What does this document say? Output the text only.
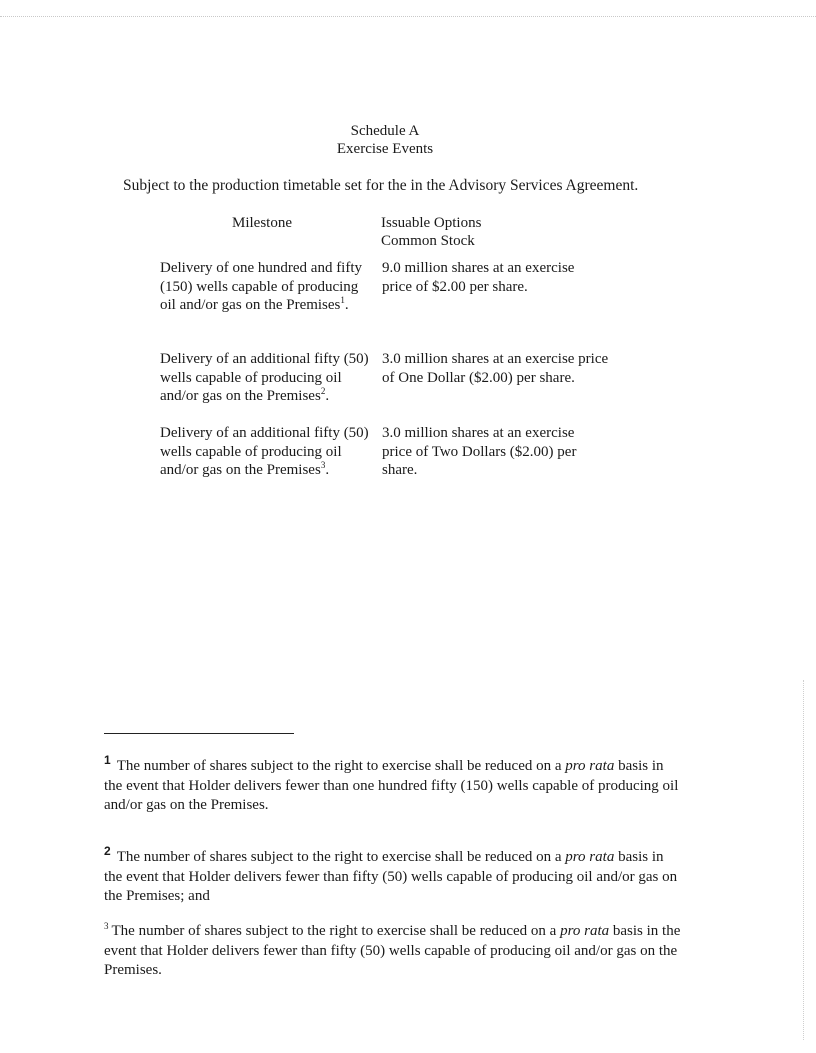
Schedule A
Exercise Events
Subject to the production timetable set for the in the Advisory Services Agreement.
Milestone	Issuable Options
Common Stock
Delivery of one hundred and fifty (150) wells capable of producing oil and/or gas on the Premises$^1$.
9.0 million shares at an exercise price of $2.00 per share.
Delivery of an additional fifty (50) wells capable of producing oil and/or gas on the Premises$^2$.
3.0 million shares at an exercise price of One Dollar ($2.00) per share.
Delivery of an additional fifty (50) wells capable of producing oil and/or gas on the Premises$^3$.
3.0 million shares at an exercise price of Two Dollars ($2.00) per share.
$^1$ The number of shares subject to the right to exercise shall be reduced on a pro rata basis in the event that Holder delivers fewer than one hundred fifty (150) wells capable of producing oil and/or gas on the Premises.
$^2$ The number of shares subject to the right to exercise shall be reduced on a pro rata basis in the event that Holder delivers fewer than fifty (50) wells capable of producing oil and/or gas on the Premises; and
$^3$ The number of shares subject to the right to exercise shall be reduced on a pro rata basis in the event that Holder delivers fewer than fifty (50) wells capable of producing oil and/or gas on the Premises.
